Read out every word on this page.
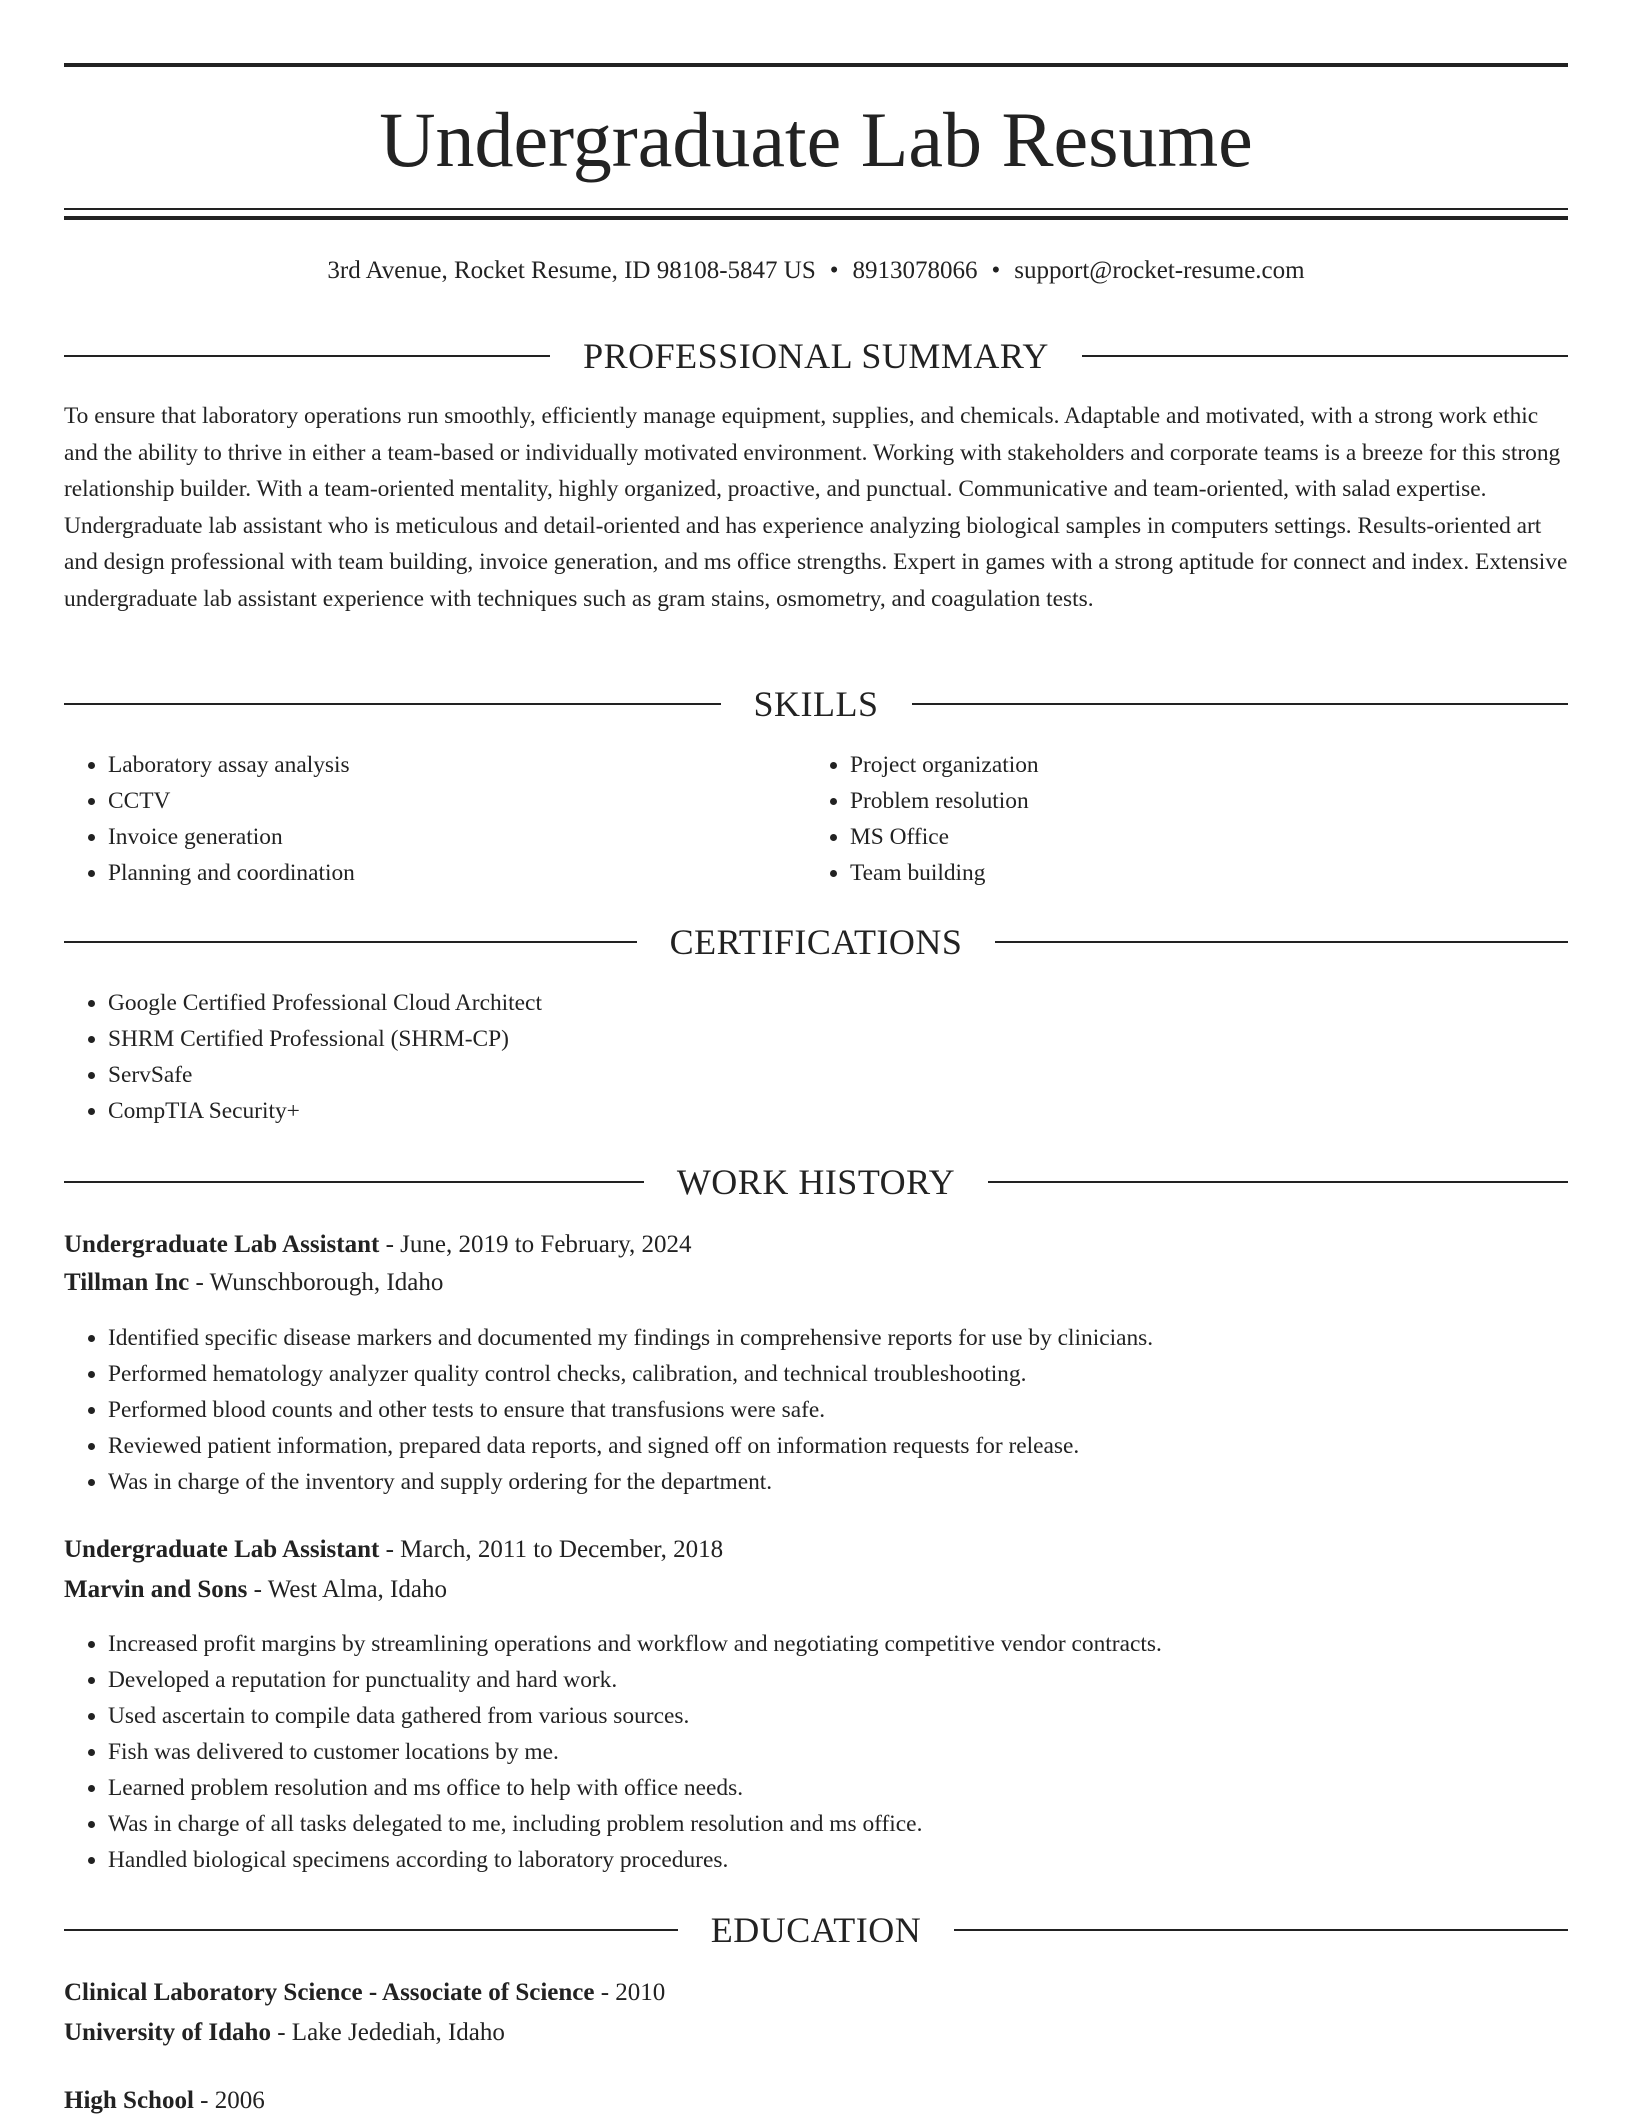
Undergraduate Lab Resume
3rd Avenue, Rocket Resume, ID 98108-5847 US • 8913078066 • support@rocket-resume.com
PROFESSIONAL SUMMARY

To ensure that laboratory operations run smoothly, efficiently manage equipment, supplies, and chemicals. Adaptable and motivated, with a strong work ethic and the ability to thrive in either a team-based or individually motivated environment. Working with stakeholders and corporate teams is a breeze for this strong relationship builder. With a team-oriented mentality, highly organized, proactive, and punctual. Communicative and team-oriented, with salad expertise. Undergraduate lab assistant who is meticulous and detail-oriented and has experience analyzing biological samples in computers settings. Results-oriented art and design professional with team building, invoice generation, and ms office strengths. Expert in games with a strong aptitude for connect and index. Extensive undergraduate lab assistant experience with techniques such as gram stains, osmometry, and coagulation tests.

SKILLS
• Laboratory assay analysis
• CCTV
• Invoice generation
• Planning and coordination
• Project organization
• Problem resolution
• MS Office
• Team building
CERTIFICATIONS
• Google Certified Professional Cloud Architect
• SHRM Certified Professional (SHRM-CP)
• ServSafe
• CompTIA Security+
WORK HISTORY
Undergraduate Lab Assistant - June, 2019 to February, 2024
Tillman Inc - Wunschborough, Idaho
• Identified specific disease markers and documented my findings in comprehensive reports for use by clinicians.
• Performed hematology analyzer quality control checks, calibration, and technical troubleshooting.
• Performed blood counts and other tests to ensure that transfusions were safe.
• Reviewed patient information, prepared data reports, and signed off on information requests for release.
• Was in charge of the inventory and supply ordering for the department.
Undergraduate Lab Assistant - March, 2011 to December, 2018
Marvin and Sons - West Alma, Idaho
• Increased profit margins by streamlining operations and workflow and negotiating competitive vendor contracts.
• Developed a reputation for punctuality and hard work.
• Used ascertain to compile data gathered from various sources.
• Fish was delivered to customer locations by me.
• Learned problem resolution and ms office to help with office needs.
• Was in charge of all tasks delegated to me, including problem resolution and ms office.
• Handled biological specimens according to laboratory procedures.
EDUCATION
Clinical Laboratory Science - Associate of Science - 2010
University of Idaho - Lake Jedediah, Idaho
High School - 2006
